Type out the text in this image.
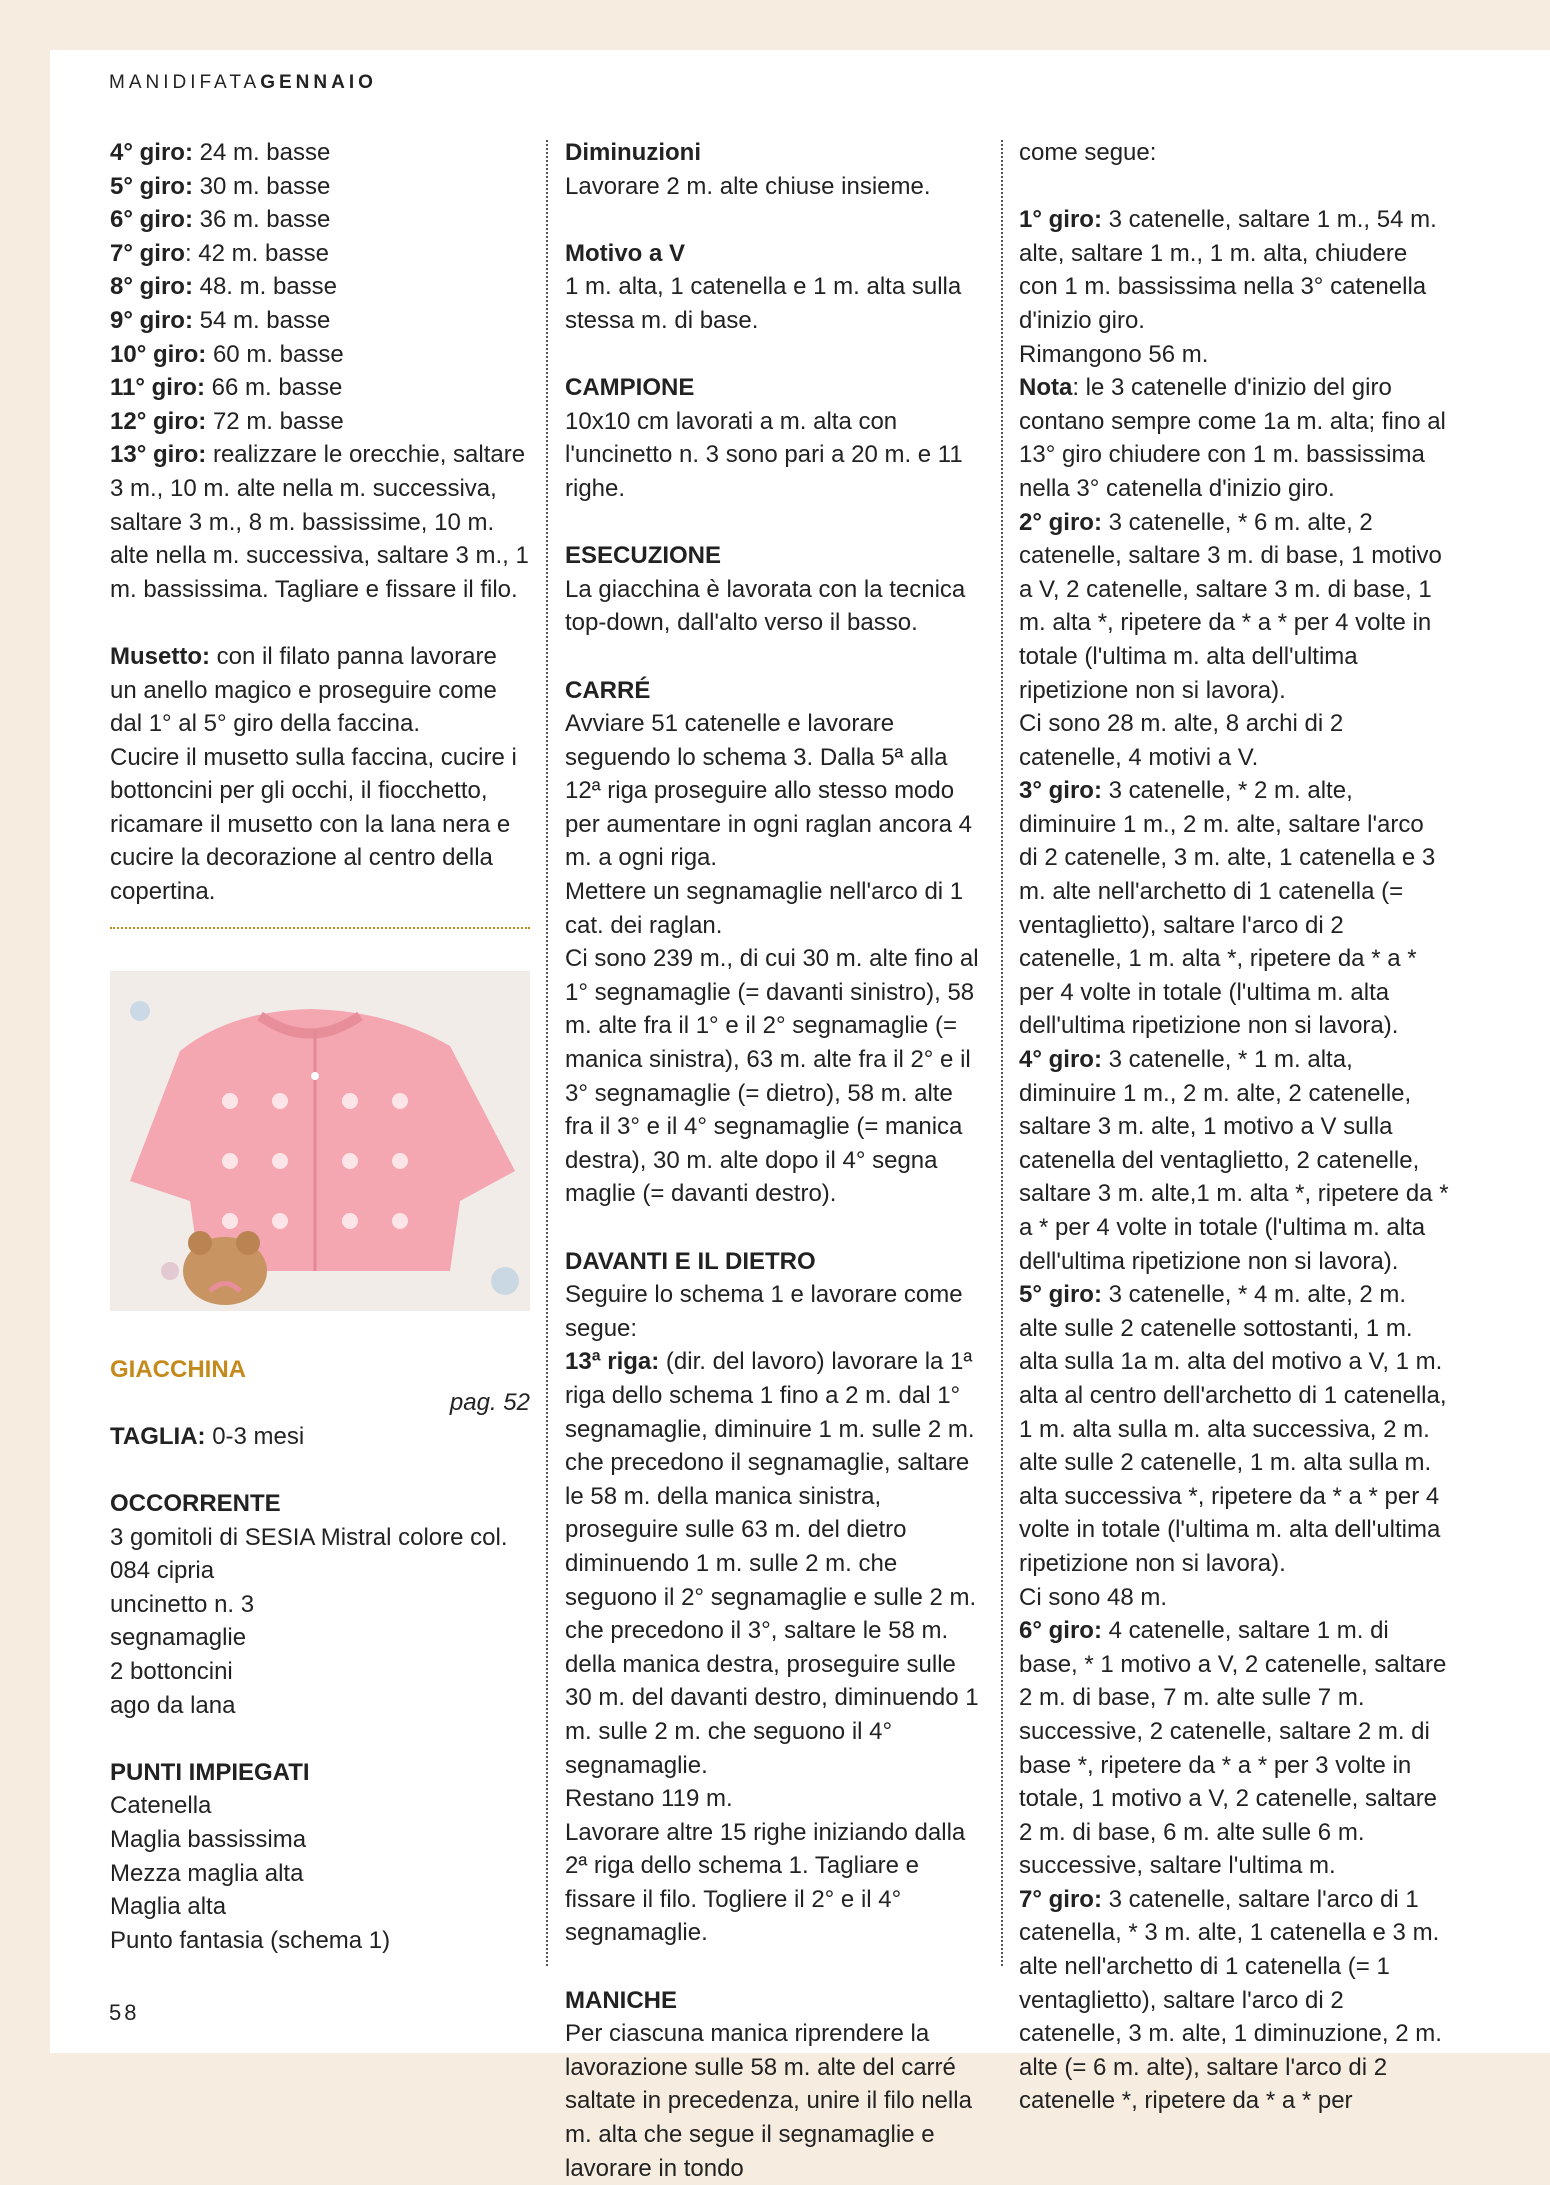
MANIDIFATAGENNAIO

4° giro: 24 m. basse

5° giro: 30 m. basse

6° giro: 36 m. basse

7° giro: 42 m. basse

8° giro: 48. m. basse

9° giro: 54 m. basse

10° giro: 60 m. basse

11° giro: 66 m. basse

12° giro: 72 m. basse

13° giro: realizzare le orecchie, saltare 3 m., 10 m. alte nella m. successiva, saltare 3 m., 8 m. bassissime, 10 m. alte nella m. successiva, saltare 3 m., 1 m. bassissima. Tagliare e fissare il filo.

Musetto: con il filato panna lavorare un anello magico e proseguire come dal 1° al 5° giro della faccina.

Cucire il musetto sulla faccina, cucire i bottoncini per gli occhi, il fiocchetto, ricamare il musetto con la lana nera e cucire la decorazione al centro della copertina.

GIACCHINA

pag. 52

TAGLIA: 0-3 mesi

OCCORRENTE

3 gomitoli di SESIA Mistral colore col. 084 cipria

uncinetto n. 3

segnamaglie

2 bottoncini

ago da lana

PUNTI IMPIEGATI

Catenella

Maglia bassissima

Mezza maglia alta

Maglia alta

Punto fantasia (schema 1)

Diminuzioni

Lavorare 2 m. alte chiuse insieme.

Motivo a V

1 m. alta, 1 catenella e 1 m. alta sulla stessa m. di base.

CAMPIONE

10x10 cm lavorati a m. alta con l'uncinetto n. 3 sono pari a 20 m. e 11 righe.

ESECUZIONE

La giacchina è lavorata con la tecnica top-down, dall'alto verso il basso.

CARRÉ

Avviare 51 catenelle e lavorare seguendo lo schema 3. Dalla 5ª alla 12ª riga proseguire allo stesso modo per aumentare in ogni raglan ancora 4 m. a ogni riga.

Mettere un segnamaglie nell'arco di 1 cat. dei raglan.

Ci sono 239 m., di cui 30 m. alte fino al 1° segnamaglie (= davanti sinistro), 58 m. alte fra il 1° e il 2° segnamaglie (= manica sinistra), 63 m. alte fra il 2° e il 3° segnamaglie (= dietro), 58 m. alte fra il 3° e il 4° segnamaglie (= manica destra), 30 m. alte dopo il 4° segna maglie (= davanti destro).

DAVANTI E IL DIETRO

Seguire lo schema 1 e lavorare come segue:

13ª riga: (dir. del lavoro) lavorare la 1ª riga dello schema 1 fino a 2 m. dal 1° segnamaglie, diminuire 1 m. sulle 2 m. che precedono il segnamaglie, saltare le 58 m. della manica sinistra, proseguire sulle 63 m. del dietro diminuendo 1 m. sulle 2 m. che seguono il 2° segnamaglie e sulle 2 m. che precedono il 3°, saltare le 58 m. della manica destra, proseguire sulle 30 m. del davanti destro, diminuendo 1 m. sulle 2 m. che seguono il 4° segnamaglie.

Restano 119 m.

Lavorare altre 15 righe iniziando dalla 2ª riga dello schema 1. Tagliare e fissare il filo. Togliere il 2° e il 4° segnamaglie.

MANICHE

Per ciascuna manica riprendere la lavorazione sulle 58 m. alte del carré saltate in precedenza, unire il filo nella m. alta che segue il segnamaglie e lavorare in tondo

come segue:

1° giro: 3 catenelle, saltare 1 m., 54 m. alte, saltare 1 m., 1 m. alta, chiudere con 1 m. bassissima nella 3° catenella d'inizio giro.

Rimangono 56 m.

Nota: le 3 catenelle d'inizio del giro contano sempre come 1a m. alta; fino al 13° giro chiudere con 1 m. bassissima nella 3° catenella d'inizio giro.

2° giro: 3 catenelle, * 6 m. alte, 2 catenelle, saltare 3 m. di base, 1 motivo a V, 2 catenelle, saltare 3 m. di base, 1 m. alta *, ripetere da * a * per 4 volte in totale (l'ultima m. alta dell'ultima ripetizione non si lavora).

Ci sono 28 m. alte, 8 archi di 2 catenelle, 4 motivi a V.

3° giro: 3 catenelle, * 2 m. alte, diminuire 1 m., 2 m. alte, saltare l'arco di 2 catenelle, 3 m. alte, 1 catenella e 3 m. alte nell'archetto di 1 catenella (= ventaglietto), saltare l'arco di 2 catenelle, 1 m. alta *, ripetere da * a * per 4 volte in totale (l'ultima m. alta dell'ultima ripetizione non si lavora).

4° giro: 3 catenelle, * 1 m. alta, diminuire 1 m., 2 m. alte, 2 catenelle, saltare 3 m. alte, 1 motivo a V sulla catenella del ventaglietto, 2 catenelle, saltare 3 m. alte,1 m. alta *, ripetere da * a * per 4 volte in totale (l'ultima m. alta dell'ultima ripetizione non si lavora).

5° giro: 3 catenelle, * 4 m. alte, 2 m. alte sulle 2 catenelle sottostanti, 1 m. alta sulla 1a m. alta del motivo a V, 1 m. alta al centro dell'archetto di 1 catenella, 1 m. alta sulla m. alta successiva, 2 m. alte sulle 2 catenelle, 1 m. alta sulla m. alta successiva *, ripetere da * a * per 4 volte in totale (l'ultima m. alta dell'ultima ripetizione non si lavora).

Ci sono 48 m.

6° giro: 4 catenelle, saltare 1 m. di base, * 1 motivo a V, 2 catenelle, saltare 2 m. di base, 7 m. alte sulle 7 m. successive, 2 catenelle, saltare 2 m. di base *, ripetere da * a * per 3 volte in totale, 1 motivo a V, 2 catenelle, saltare 2 m. di base, 6 m. alte sulle 6 m. successive, saltare l'ultima m.

7° giro: 3 catenelle, saltare l'arco di 1 catenella, * 3 m. alte, 1 catenella e 3 m. alte nell'archetto di 1 catenella (= 1 ventaglietto), saltare l'arco di 2 catenelle, 3 m. alte, 1 diminuzione, 2 m. alte (= 6 m. alte), saltare l'arco di 2 catenelle *, ripetere da * a * per

58
